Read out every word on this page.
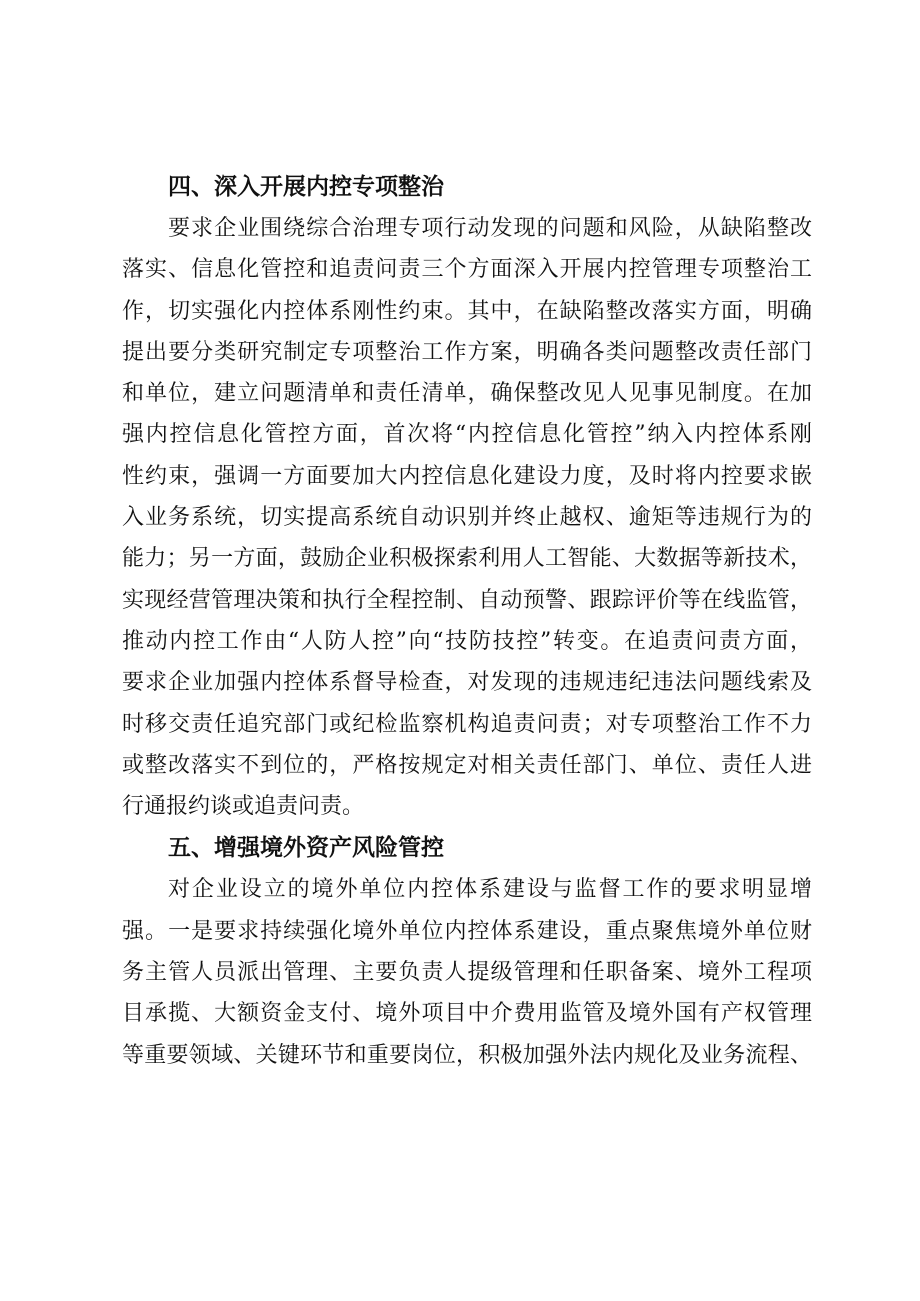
四、深入开展内控专项整治
要求企业围绕综合治理专项行动发现的问题和风险，从缺陷整改
落实、信息化管控和追责问责三个方面深入开展内控管理专项整治工
作，切实强化内控体系刚性约束。其中，在缺陷整改落实方面，明确
提出要分类研究制定专项整治工作方案，明确各类问题整改责任部门
和单位，建立问题清单和责任清单，确保整改见人见事见制度。在加
强内控信息化管控方面，首次将“内控信息化管控”纳入内控体系刚
性约束，强调一方面要加大内控信息化建设力度，及时将内控要求嵌
入业务系统，切实提高系统自动识别并终止越权、逾矩等违规行为的
能力；另一方面，鼓励企业积极探索利用人工智能、大数据等新技术，
实现经营管理决策和执行全程控制、自动预警、跟踪评价等在线监管，
推动内控工作由“人防人控”向“技防技控”转变。在追责问责方面，
要求企业加强内控体系督导检查，对发现的违规违纪违法问题线索及
时移交责任追究部门或纪检监察机构追责问责；对专项整治工作不力
或整改落实不到位的，严格按规定对相关责任部门、单位、责任人进
行通报约谈或追责问责。
五、增强境外资产风险管控
对企业设立的境外单位内控体系建设与监督工作的要求明显增
强。一是要求持续强化境外单位内控体系建设，重点聚焦境外单位财
务主管人员派出管理、主要负责人提级管理和任职备案、境外工程项
目承揽、大额资金支付、境外项目中介费用监管及境外国有产权管理
等重要领域、关键环节和重要岗位，积极加强外法内规化及业务流程、
